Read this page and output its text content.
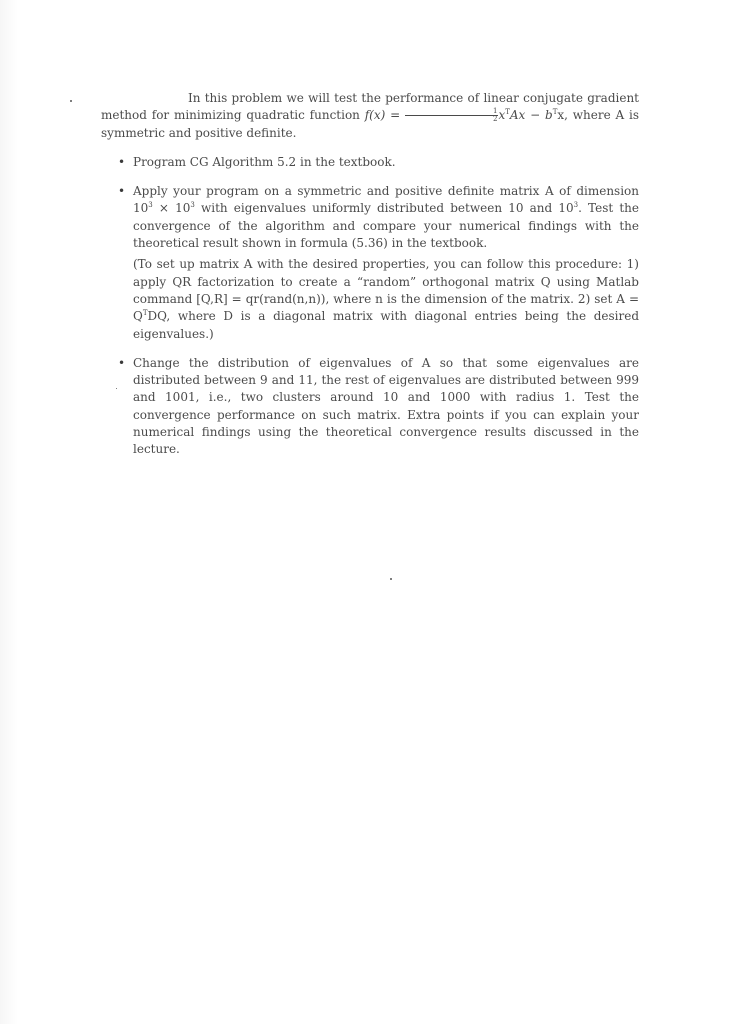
In this problem we will test the performance of linear conjugate gradient method for minimizing quadratic function $f(x) = \frac{1}{2} x^TAx - b^Tx$, where A is symmetric and positive definite.

• Program CG Algorithm 5.2 in the textbook.
• Apply your program on a symmetric and positive definite matrix A of dimension $10^3 \times 10^3$ with eigenvalues uniformly distributed between 10 and $10^3$. Test the convergence of the algorithm and compare your numerical findings with the theoretical result shown in formula (5.36) in the textbook.

(To set up matrix A with the desired properties, you can follow this procedure: 1) apply QR factorization to create a “random” orthogonal matrix Q using Matlab command [Q,R] = qr(rand(n,n)), where n is the dimension of the matrix. 2) set $A = Q^TDQ$, where D is a diagonal matrix with diagonal entries being the desired eigenvalues.)

• Change the distribution of eigenvalues of A so that some eigenvalues are distributed between 9 and 11, the rest of eigenvalues are distributed between 999 and 1001, i.e., two clusters around 10 and 1000 with radius 1. Test the convergence performance on such matrix. Extra points if you can explain your numerical findings using the theoretical convergence results discussed in the lecture.
